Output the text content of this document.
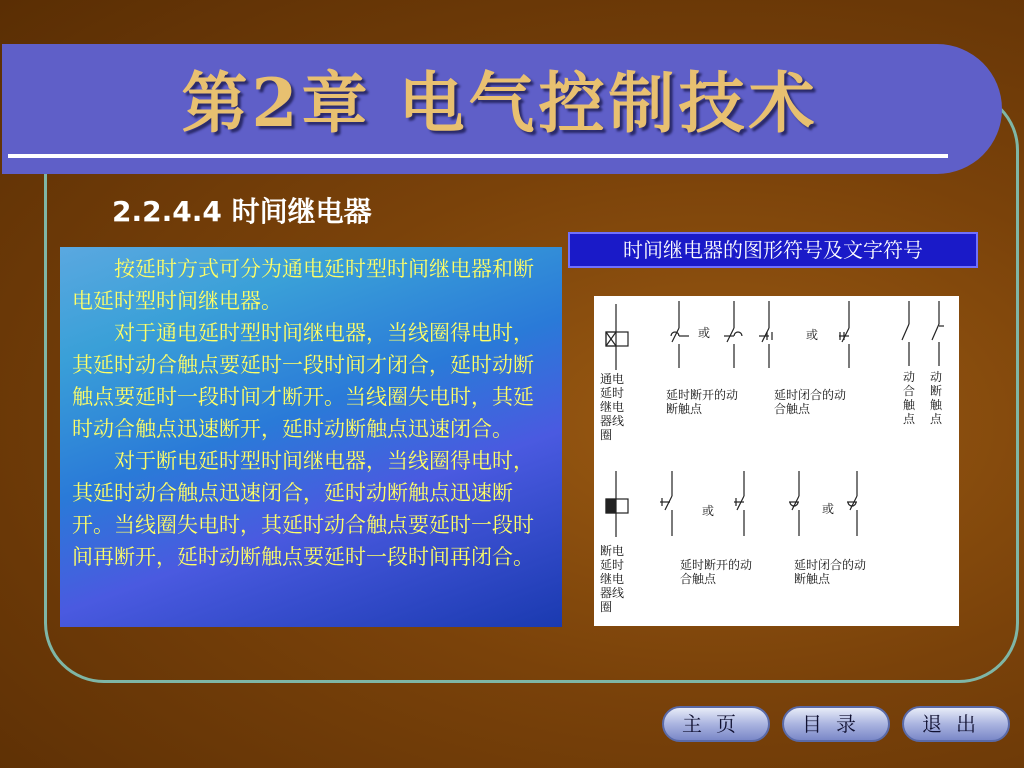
第2章 电气控制技术
2.2.4.4 时间继电器

按延时方式可分为通电延时型时间继电器和断电延时型时间继电器。

对于通电延时型时间继电器，当线圈得电时，其延时动合触点要延时一段时间才闭合，延时动断触点要延时一段时间才断开。当线圈失电时，其延时动合触点迅速断开，延时动断触点迅速闭合。

对于断电延时型时间继电器，当线圈得电时，其延时动合触点迅速闭合，延时动断触点迅速断开。当线圈失电时，其延时动合触点要延时一段时间再断开，延时动断触点要延时一段时间再闭合。

时间继电器的图形符号及文字符号
通电延时继电器线圈
延时断开的动断触点
或
延时闭合的动合触点
或
动合触点
动断触点
断电延时继电器线圈
延时断开的动合触点
或
延时闭合的动断触点
或
主页	目录	退出
